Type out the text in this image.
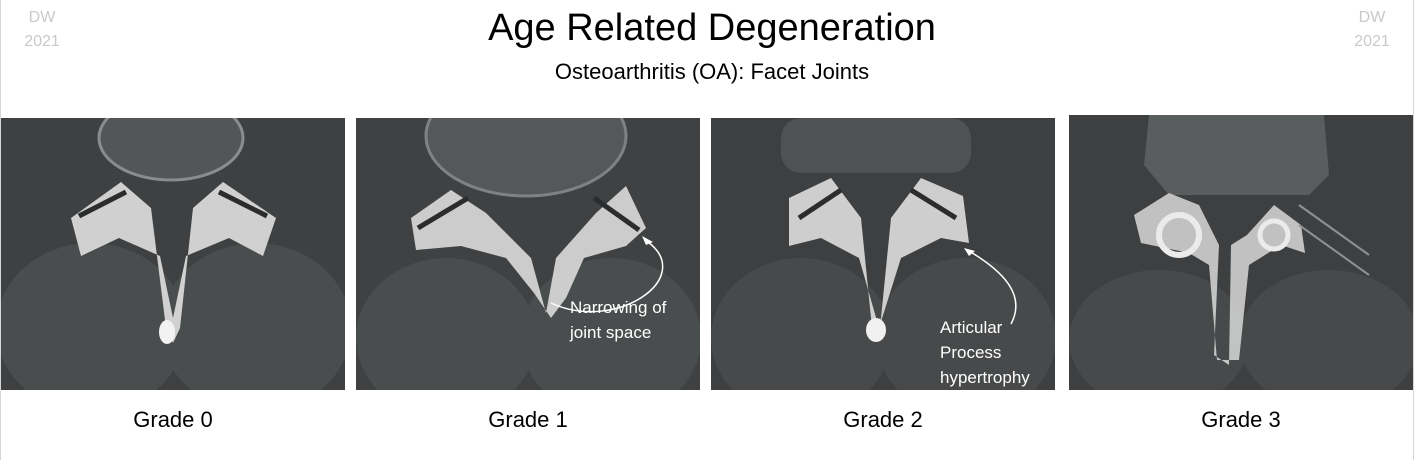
DW
2021
DW
2021
Age Related Degeneration
Osteoarthritis (OA): Facet Joints
Grade 0
Narrowing of
joint space
Grade 1
Articular
Process
hypertrophy
Grade 2	Grade 3
